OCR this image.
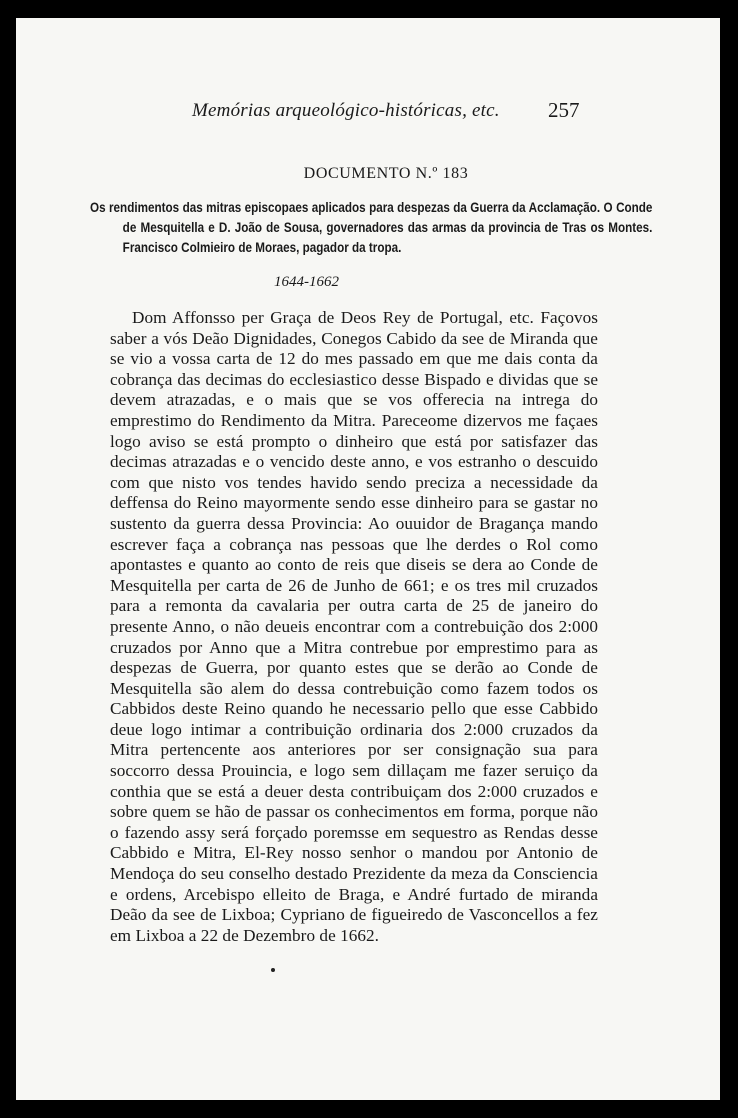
Memórias arqueológico-históricas, etc. 257
DOCUMENTO N.º 183
Os rendimentos das mitras episcopaes aplicados para despezas da Guerra da Acclamação. O Conde de Mesquitella e D. João de Sousa, governadores das armas da provincia de Tras os Montes. Francisco Colmieiro de Moraes, pagador da tropa.
1644-1662
Dom Affonsso per Graça de Deos Rey de Portugal, etc. Façovos saber a vós Deão Dignidades, Conegos Cabido da see de Miranda que se vio a vossa carta de 12 do mes passado em que me dais conta da cobrança das decimas do ecclesiastico desse Bispado e dividas que se devem atrazadas, e o mais que se vos offerecia na intrega do emprestimo do Rendimento da Mitra. Pareceome dizervos me façaes logo aviso se está prompto o dinheiro que está por satisfazer das decimas atrazadas e o vencido deste anno, e vos estranho o descuido com que nisto vos tendes havido sendo preciza a necessidade da deffensa do Reino mayormente sendo esse dinheiro para se gastar no sustento da guerra dessa Provincia: Ao ouuidor de Bragança mando escrever faça a cobrança nas pessoas que lhe derdes o Rol como apontastes e quanto ao conto de reis que diseis se dera ao Conde de Mesquitella per carta de 26 de Junho de 661; e os tres mil cruzados para a remonta da cavalaria per outra carta de 25 de janeiro do presente Anno, o não deueis encontrar com a contrebuição dos 2:000 cruzados por Anno que a Mitra contrebue por emprestimo para as despezas de Guerra, por quanto estes que se derão ao Conde de Mesquitella são alem do dessa contrebuição como fazem todos os Cabbidos deste Reino quando he necessario pello que esse Cabbido deue logo intimar a contribuição ordinaria dos 2:000 cruzados da Mitra pertencente aos anteriores por ser consignação sua para soccorro dessa Prouincia, e logo sem dillaçam me fazer seruiço da conthia que se está a deuer desta contribuiçam dos 2:000 cruzados e sobre quem se hão de passar os conhecimentos em forma, porque não o fazendo assy será forçado poremsse em sequestro as Rendas desse Cabbido e Mitra, El-Rey nosso senhor o mandou por Antonio de Mendoça do seu conselho destado Prezidente da meza da Consciencia e ordens, Arcebispo elleito de Braga, e André furtado de miranda Deão da see de Lixboa; Cypriano de figueiredo de Vasconcellos a fez em Lixboa a 22 de Dezembro de 1662.
